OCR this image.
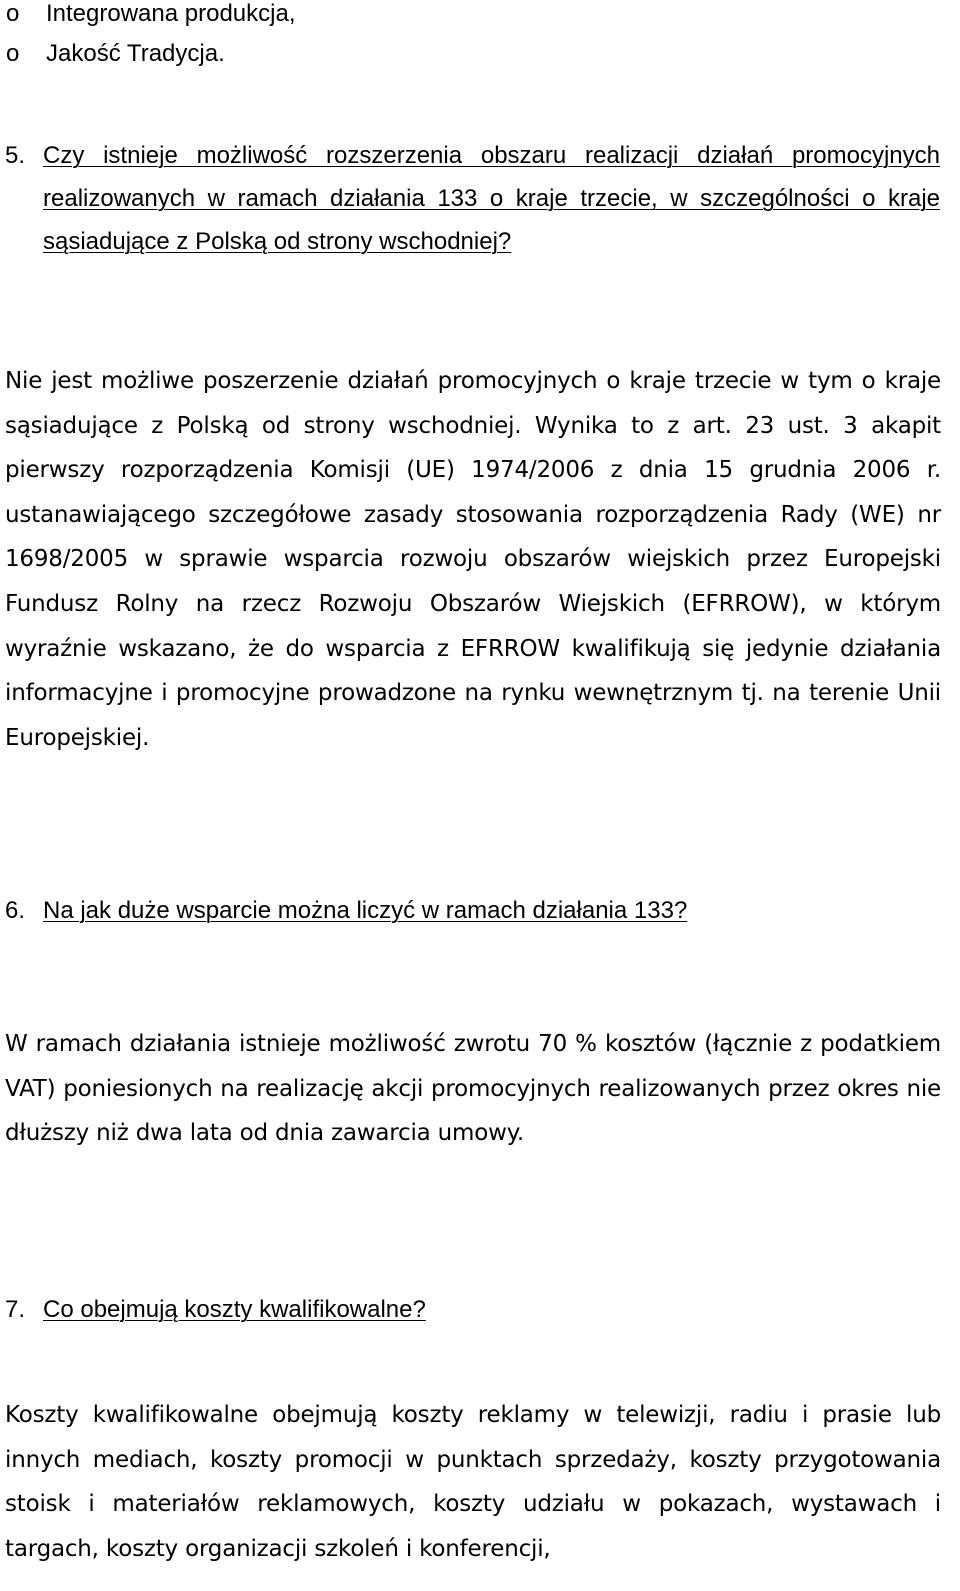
o	Integrowana produkcja,
o	Jakość Tradycja.
5. Czy istnieje możliwość rozszerzenia obszaru realizacji działań promocyjnych realizowanych w ramach działania 133 o kraje trzecie, w szczególności o kraje sąsiadujące z Polską od strony wschodniej?
Nie jest możliwe poszerzenie działań promocyjnych o kraje trzecie w tym o kraje sąsiadujące z Polską od strony wschodniej. Wynika to z art. 23 ust. 3 akapit pierwszy rozporządzenia Komisji (UE) 1974/2006 z dnia 15 grudnia 2006 r. ustanawiającego szczegółowe zasady stosowania rozporządzenia Rady (WE) nr 1698/2005 w sprawie wsparcia rozwoju obszarów wiejskich przez Europejski Fundusz Rolny na rzecz Rozwoju Obszarów Wiejskich (EFRROW), w którym wyraźnie wskazano, że do wsparcia z EFRROW kwalifikują się jedynie działania informacyjne i promocyjne prowadzone na rynku wewnętrznym tj. na terenie Unii Europejskiej.
6. Na jak duże wsparcie można liczyć w ramach działania 133?
W ramach działania istnieje możliwość zwrotu 70 % kosztów (łącznie z podatkiem VAT) poniesionych na realizację akcji promocyjnych realizowanych przez okres nie dłuższy niż dwa lata od dnia zawarcia umowy.
7. Co obejmują koszty kwalifikowalne?
Koszty kwalifikowalne obejmują koszty reklamy w telewizji, radiu i prasie lub innych mediach, koszty promocji w punktach sprzedaży, koszty przygotowania stoisk i materiałów reklamowych, koszty udziału w pokazach, wystawach i targach, koszty organizacji szkoleń i konferencji,
